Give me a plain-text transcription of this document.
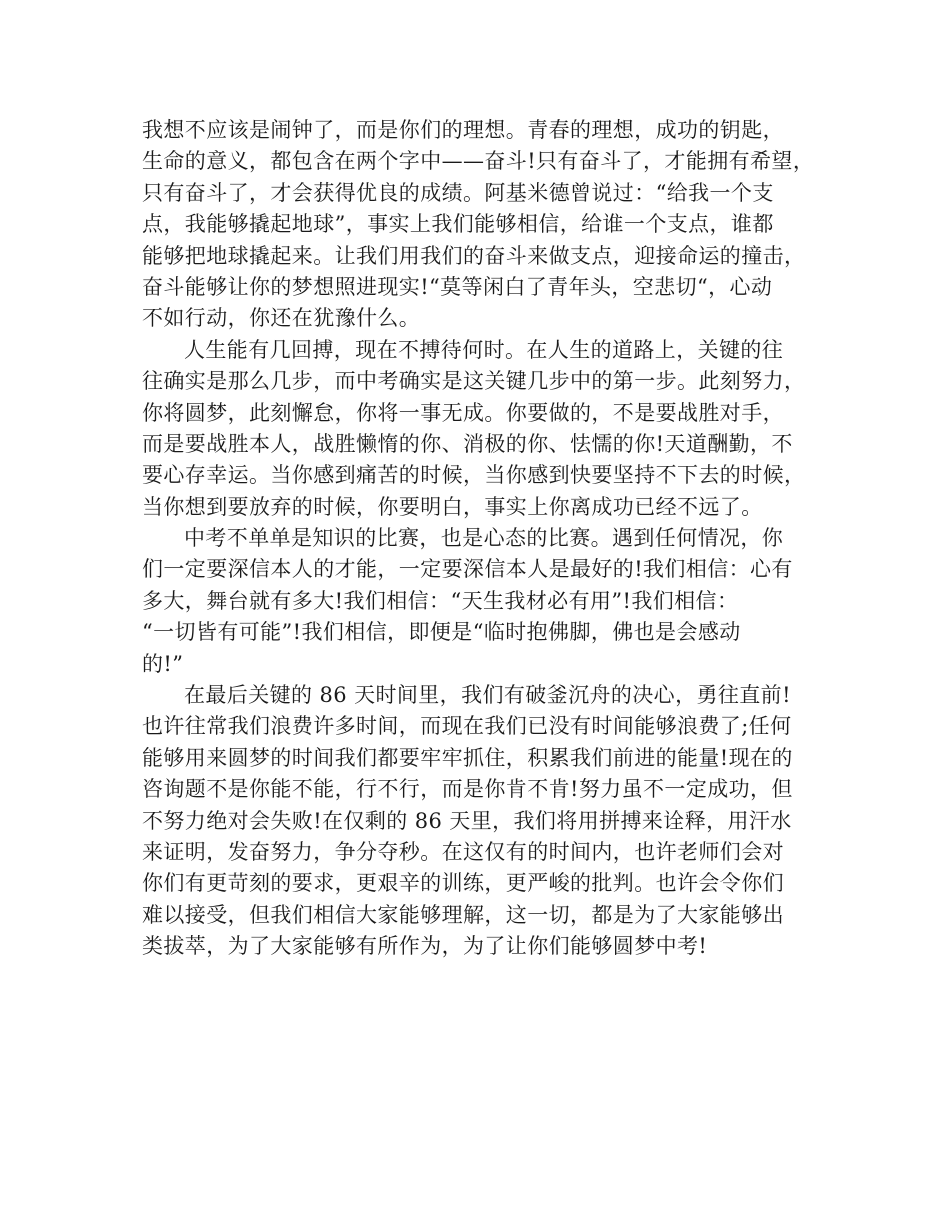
我想不应该是闹钟了，而是你们的理想。青春的理想，成功的钥匙，
生命的意义，都包含在两个字中——奋斗!只有奋斗了，才能拥有希望，
只有奋斗了，才会获得优良的成绩。阿基米德曾说过：“给我一个支
点，我能够撬起地球”，事实上我们能够相信，给谁一个支点，谁都
能够把地球撬起来。让我们用我们的奋斗来做支点，迎接命运的撞击，
奋斗能够让你的梦想照进现实!“莫等闲白了青年头，空悲切“，心动
不如行动，你还在犹豫什么。
人生能有几回搏，现在不搏待何时。在人生的道路上，关键的往
往确实是那么几步，而中考确实是这关键几步中的第一步。此刻努力，
你将圆梦，此刻懈怠，你将一事无成。你要做的，不是要战胜对手，
而是要战胜本人，战胜懒惰的你、消极的你、怯懦的你!天道酬勤，不
要心存幸运。当你感到痛苦的时候，当你感到快要坚持不下去的时候，
当你想到要放弃的时候，你要明白，事实上你离成功已经不远了。
中考不单单是知识的比赛，也是心态的比赛。遇到任何情况，你
们一定要深信本人的才能，一定要深信本人是最好的!我们相信：心有
多大，舞台就有多大!我们相信：“天生我材必有用”!我们相信：
“一切皆有可能”!我们相信，即便是“临时抱佛脚，佛也是会感动
的!”
在最后关键的 86 天时间里，我们有破釜沉舟的决心，勇往直前!
也许往常我们浪费许多时间，而现在我们已没有时间能够浪费了;任何
能够用来圆梦的时间我们都要牢牢抓住，积累我们前进的能量!现在的
咨询题不是你能不能，行不行，而是你肯不肯!努力虽不一定成功，但
不努力绝对会失败!在仅剩的 86 天里，我们将用拼搏来诠释，用汗水
来证明，发奋努力，争分夺秒。在这仅有的时间内，也许老师们会对
你们有更苛刻的要求，更艰辛的训练，更严峻的批判。也许会令你们
难以接受，但我们相信大家能够理解，这一切，都是为了大家能够出
类拔萃，为了大家能够有所作为，为了让你们能够圆梦中考!
